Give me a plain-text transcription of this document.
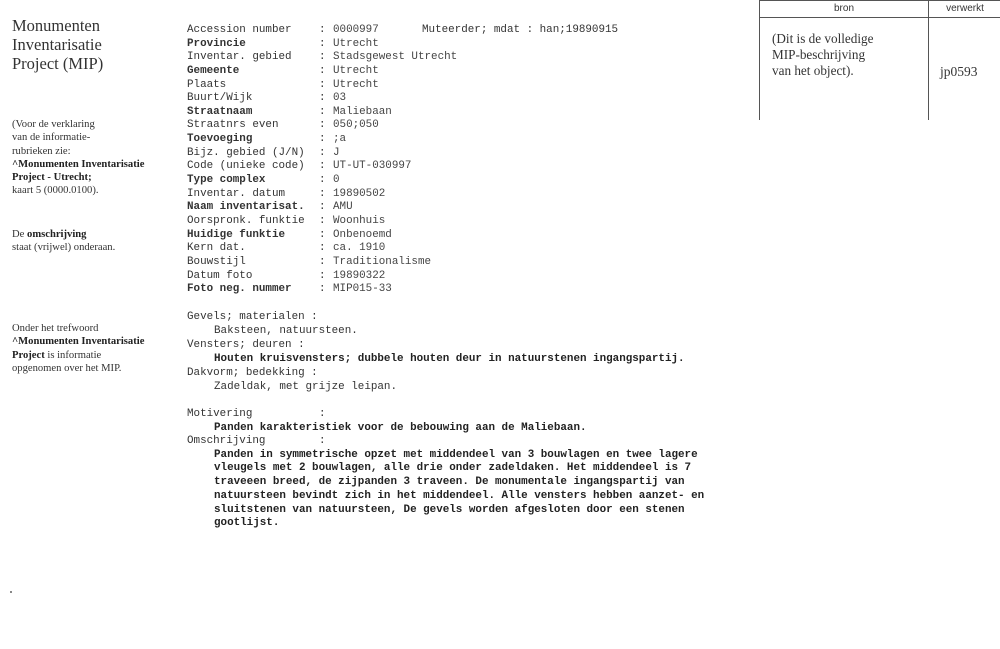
Monumenten
Inventarisatie
Project (MIP)
(Voor de verklaring
van de informatie-
rubrieken zie:
^Monumenten Inventarisatie
Project - Utrecht;
kaart 5 (0000.0100).
De omschrijving
staat (vrijwel) onderaan.
Onder het trefwoord
^Monumenten Inventarisatie
Project is informatie
opgenomen over het MIP.
bron	verwerkt
(Dit is de volledige
MIP-beschrijving
van het object).	jp0593
Muteerder; mdat : han;19890915
Accession number	: 0000997
Provincie	: Utrecht
Inventar. gebied	: Stadsgewest Utrecht
Gemeente	: Utrecht
Plaats	: Utrecht
Buurt/Wijk	: 03
Straatnaam	: Maliebaan
Straatnrs even	: 050;050
Toevoeging	: ;a
Bijz. gebied (J/N) : J
Code (unieke code) : UT-UT-030997
Type complex	: 0
Inventar. datum	: 19890502
Naam inventarisat. : AMU
Oorspronk. funktie : Woonhuis
Huidige funktie	: Onbenoemd
Kern dat.	: ca. 1910
Bouwstijl	: Traditionalisme
Datum foto	: 19890322
Foto neg. nummer	: MIP015-33
Gevels; materialen :
Baksteen, natuursteen.
Vensters; deuren :
Houten kruisvensters; dubbele houten deur in natuurstenen ingangspartij.
Dakvorm; bedekking :
Zadeldak, met grijze leipan.
Motivering	:
Panden karakteristiek voor de bebouwing aan de Maliebaan.
Omschrijving	:
Panden in symmetrische opzet met middendeel van 3 bouwlagen en twee lagere
vleugels met 2 bouwlagen, alle drie onder zadeldaken. Het middendeel is 7
traveeen breed, de zijpanden 3 traveen. De monumentale ingangspartij van
natuursteen bevindt zich in het middendeel. Alle vensters hebben aanzet- en
sluitstenen van natuursteen, De gevels worden afgesloten door een stenen
gootlijst.
